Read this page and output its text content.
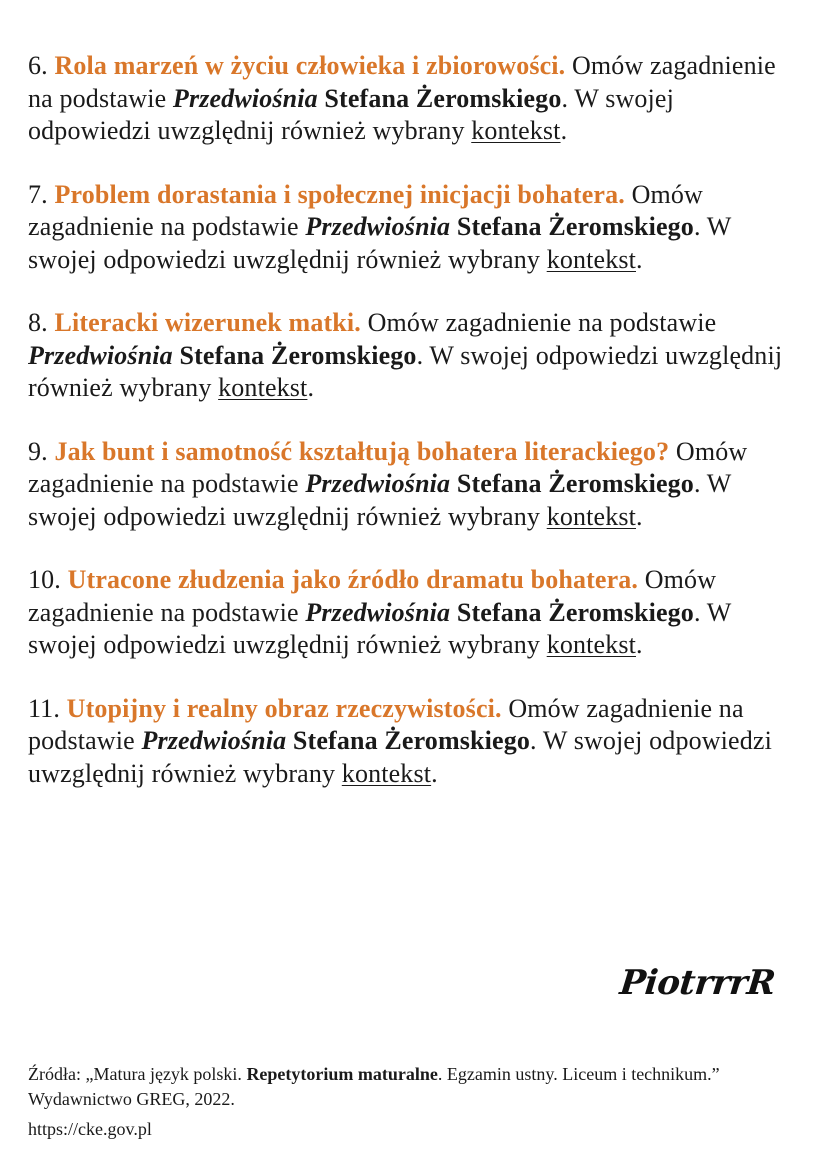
6. Rola marzeń w życiu człowieka i zbiorowości. Omów zagadnienie na podstawie Przedwiośnia Stefana Żeromskiego. W swojej odpowiedzi uwzględnij również wybrany kontekst.

7. Problem dorastania i społecznej inicjacji bohatera. Omów zagadnienie na podstawie Przedwiośnia Stefana Żeromskiego. W swojej odpowiedzi uwzględnij również wybrany kontekst.

8. Literacki wizerunek matki. Omów zagadnienie na podstawie Przedwiośnia Stefana Żeromskiego. W swojej odpowiedzi uwzględnij również wybrany kontekst.

9. Jak bunt i samotność kształtują bohatera literackiego? Omów zagadnienie na podstawie Przedwiośnia Stefana Żeromskiego. W swojej odpowiedzi uwzględnij również wybrany kontekst.

10. Utracone złudzenia jako źródło dramatu bohatera. Omów zagadnienie na podstawie Przedwiośnia Stefana Żeromskiego. W swojej odpowiedzi uwzględnij również wybrany kontekst.

11. Utopijny i realny obraz rzeczywistości. Omów zagadnienie na podstawie Przedwiośnia Stefana Żeromskiego. W swojej odpowiedzi uwzględnij również wybrany kontekst.

PiotrrrR
Źródła: „Matura język polski. Repetytorium maturalne. Egzamin ustny. Liceum i technikum.” Wydawnictwo GREG, 2022.
https://cke.gov.pl
